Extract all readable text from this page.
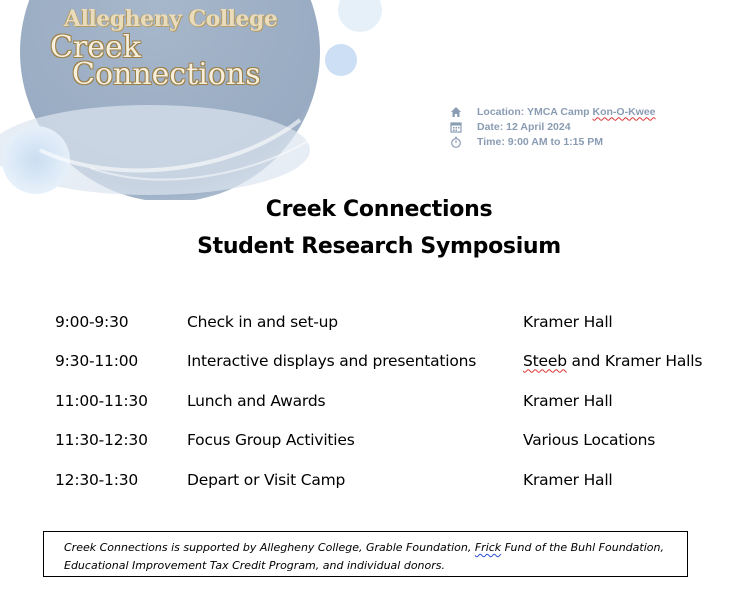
Allegheny College
Creek
Connections
Location: YMCA Camp Kon-O-Kwee
Date: 12 April 2024
Time: 9:00 AM to 1:15 PM
Creek Connections
Student Research Symposium
9:00-9:30	Check in and set-up	Kramer Hall
9:30-11:00	Interactive displays and presentations	Steeb and Kramer Halls
11:00-11:30	Lunch and Awards	Kramer Hall
11:30-12:30	Focus Group Activities	Various Locations
12:30-1:30	Depart or Visit Camp	Kramer Hall
Creek Connections is supported by Allegheny College, Grable Foundation, Frick Fund of the Buhl Foundation, Educational Improvement Tax Credit Program, and individual donors.
